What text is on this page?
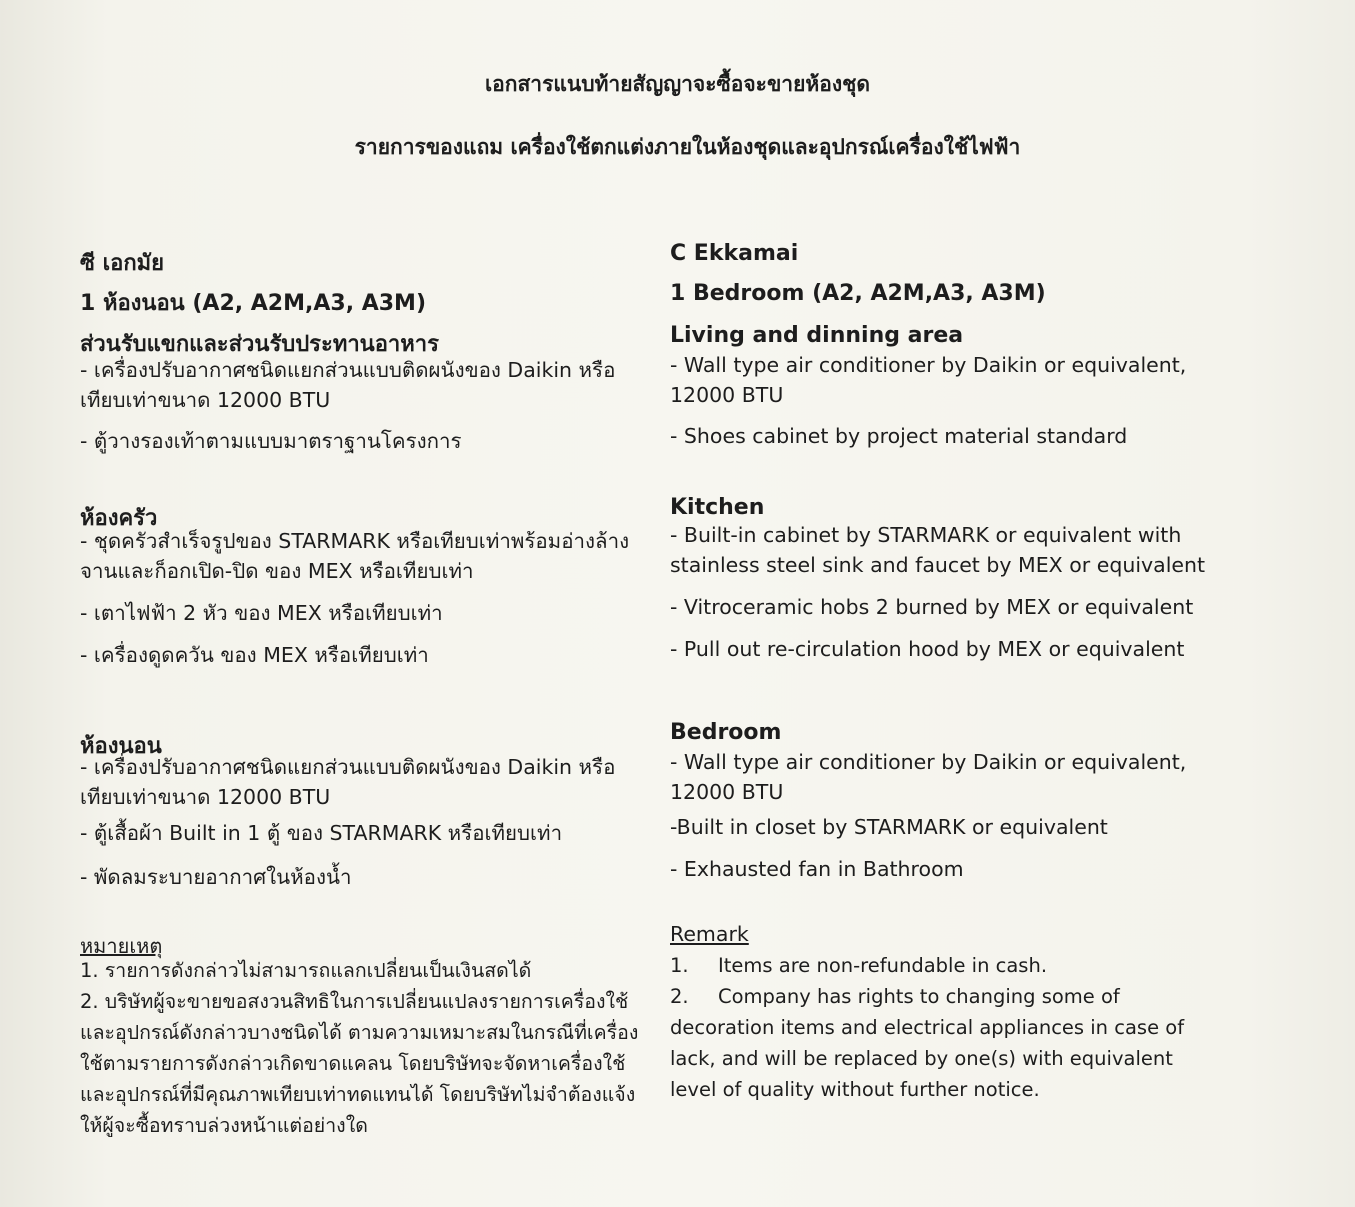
เอกสารแนบท้ายสัญญาจะซื้อจะขายห้องชุด
รายการของแถม เครื่องใช้ตกแต่งภายในห้องชุดและอุปกรณ์เครื่องใช้ไฟฟ้า
ซี เอกมัย
1 ห้องนอน (A2, A2M,A3, A3M)
ส่วนรับแขกและส่วนรับประทานอาหาร
- เครื่องปรับอากาศชนิดแยกส่วนแบบติดผนังของ Daikin หรือเทียบเท่าขนาด 12000 BTU
- ตู้วางรองเท้าตามแบบมาตราฐานโครงการ
ห้องครัว
- ชุดครัวสำเร็จรูปของ STARMARK หรือเทียบเท่าพร้อมอ่างล้างจานและก็อกเปิด-ปิด ของ MEX หรือเทียบเท่า
- เตาไฟฟ้า 2 หัว ของ MEX หรือเทียบเท่า
- เครื่องดูดควัน ของ MEX หรือเทียบเท่า
ห้องนอน
- เครื่องปรับอากาศชนิดแยกส่วนแบบติดผนังของ Daikin หรือเทียบเท่าขนาด 12000 BTU
- ตู้เสื้อผ้า Built in 1 ตู้ ของ STARMARK หรือเทียบเท่า
- พัดลมระบายอากาศในห้องน้ำ
หมายเหตุ
1. รายการดังกล่าวไม่สามารถแลกเปลี่ยนเป็นเงินสดได้
2. บริษัทผู้จะขายขอสงวนสิทธิในการเปลี่ยนแปลงรายการเครื่องใช้และอุปกรณ์ดังกล่าวบางชนิดได้ ตามความเหมาะสมในกรณีที่เครื่องใช้ตามรายการดังกล่าวเกิดขาดแคลน โดยบริษัทจะจัดหาเครื่องใช้และอุปกรณ์ที่มีคุณภาพเทียบเท่าทดแทนได้ โดยบริษัทไม่จำต้องแจ้งให้ผู้จะซื้อทราบล่วงหน้าแต่อย่างใด
C Ekkamai
1 Bedroom (A2, A2M,A3, A3M)
Living and dinning area
- Wall type air conditioner by Daikin or equivalent, 12000 BTU
- Shoes cabinet by project material standard
Kitchen
- Built-in cabinet by STARMARK or equivalent with stainless steel sink and faucet by MEX or equivalent
- Vitroceramic hobs 2 burned by MEX or equivalent
- Pull out re-circulation hood by MEX or equivalent
Bedroom
- Wall type air conditioner by Daikin or equivalent, 12000 BTU
-Built in closet by STARMARK or equivalent
- Exhausted fan in Bathroom
Remark
1. Items are non-refundable in cash.
2. Company has rights to changing some of decoration items and electrical appliances in case of lack, and will be replaced by one(s) with equivalent level of quality without further notice.
